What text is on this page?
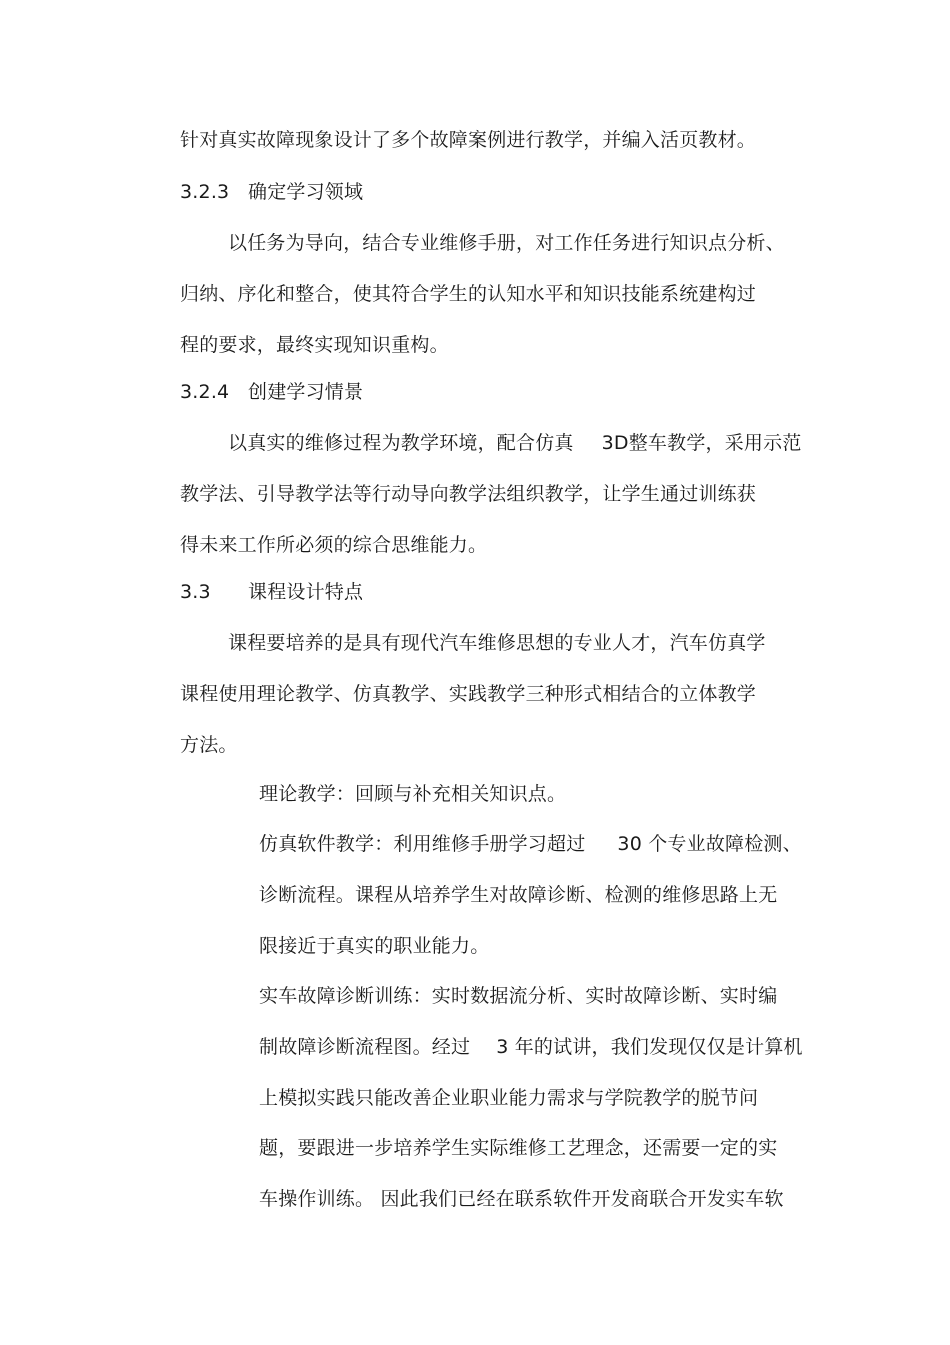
针对真实故障现象设计了多个故障案例进行教学，并编入活页教材。
3.2.3 确定学习领域
以任务为导向，结合专业维修手册，对工作任务进行知识点分析、
归纳、序化和整合，使其符合学生的认知水平和知识技能系统建构过
程的要求，最终实现知识重构。
3.2.4 创建学习情景
以真实的维修过程为教学环境，配合仿真 3D整车教学，采用示范
教学法、引导教学法等行动导向教学法组织教学，让学生通过训练获
得未来工作所必须的综合思维能力。
3.3 课程设计特点
课程要培养的是具有现代汽车维修思想的专业人才，汽车仿真学
课程使用理论教学、仿真教学、实践教学三种形式相结合的立体教学
方法。
理论教学：回顾与补充相关知识点。
仿真软件教学：利用维修手册学习超过 30 个专业故障检测、
诊断流程。课程从培养学生对故障诊断、检测的维修思路上无
限接近于真实的职业能力。
实车故障诊断训练：实时数据流分析、实时故障诊断、实时编
制故障诊断流程图。经过 3 年的试讲，我们发现仅仅是计算机
上模拟实践只能改善企业职业能力需求与学院教学的脱节问
题，要跟进一步培养学生实际维修工艺理念，还需要一定的实
车操作训练。 因此我们已经在联系软件开发商联合开发实车软
